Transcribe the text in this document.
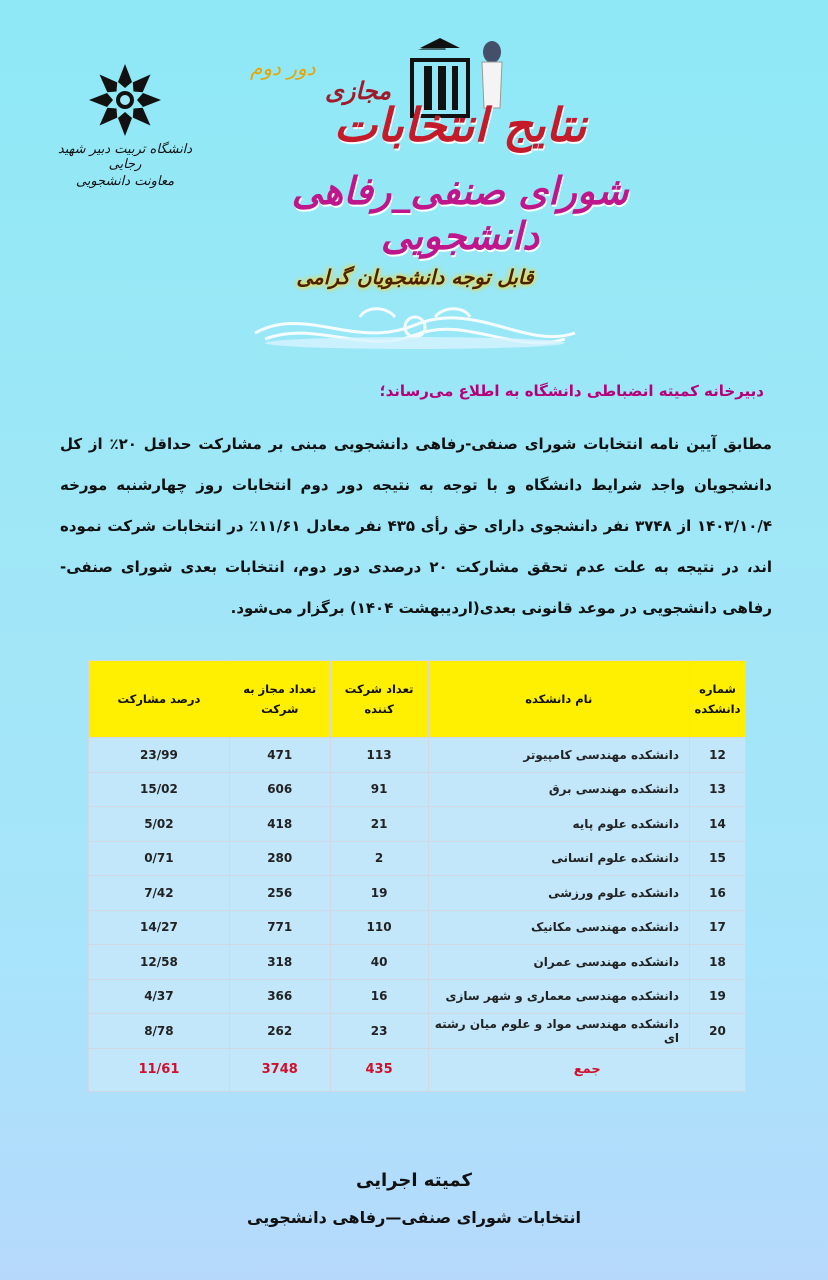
دانشگاه تربیت دبیر شهید رجایی
معاونت دانشجویی
دور دوم
مجازی
نتایج انتخابات
شورای صنفی_رفاهی دانشجویی
قابل توجه دانشجویان گرامی
دبیرخانه کمیته انضباطی دانشگاه به اطلاع می‌رساند؛
مطابق آیین نامه انتخابات شورای صنفی-رفاهی دانشجویی مبنی بر مشارکت حداقل ۲۰٪ از کل دانشجویان واجد شرایط دانشگاه و با توجه به نتیجه دور دوم انتخابات روز چهارشنبه مورخه ۱۴۰۳/۱۰/۴ از ۳۷۴۸ نفر دانشجوی دارای حق رأی ۴۳۵ نفر معادل ۱۱/۶۱٪ در انتخابات شرکت نموده اند، در نتیجه به علت عدم تحقق مشارکت ۲۰ درصدی دور دوم، انتخابات بعدی شورای صنفی-رفاهی دانشجویی در موعد قانونی بعدی(اردیبهشت ۱۴۰۴) برگزار می‌شود.
شماره دانشکده	نام دانشکده	تعداد شرکت کننده	تعداد مجاز به شرکت	درصد مشارکت
12	دانشکده مهندسی کامپیوتر	113	471	23/99
13	دانشکده مهندسی برق	91	606	15/02
14	دانشکده علوم پایه	21	418	5/02
15	دانشکده علوم انسانی	2	280	0/71
16	دانشکده علوم ورزشی	19	256	7/42
17	دانشکده مهندسی مکانیک	110	771	14/27
18	دانشکده مهندسی عمران	40	318	12/58
19	دانشکده مهندسی معماری و شهر سازی	16	366	4/37
20	دانشکده مهندسی مواد و علوم میان رشته ای	23	262	8/78
جمع		435	3748	11/61
کمیته اجرایی
انتخابات شورای صنفی—رفاهی دانشجویی
